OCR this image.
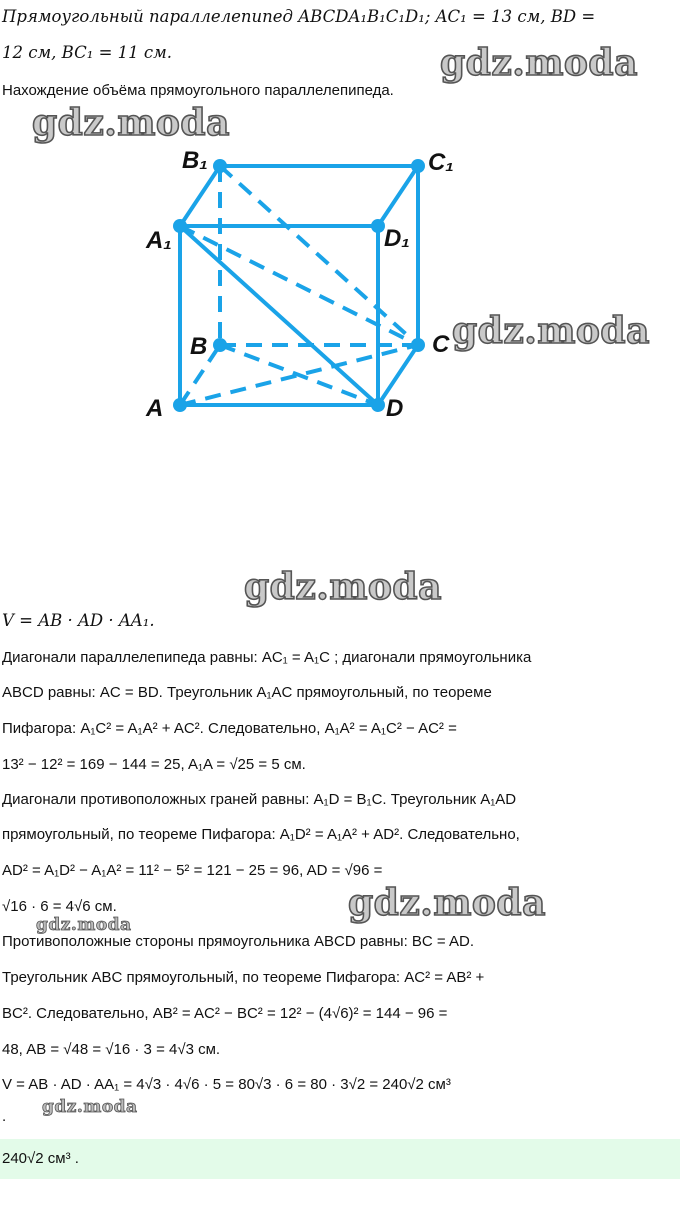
Прямоугольный параллелепипед ABCDA₁B₁C₁D₁; AC₁ = 13 см, BD =
12 см, BC₁ = 11 см.
Нахождение объёма прямоугольного параллелепипеда.
B₁	C₁
A₁	D₁
B	C
A	D
V = AB · AD · AA₁.
Диагонали параллелепипеда равны: AC₁ = A₁C ; диагонали прямоугольника
ABCD равны: AC = BD. Треугольник A₁AC прямоугольный, по теореме
Пифагора: A₁C² = A₁A² + AC². Следовательно, A₁A² = A₁C² − AC² =
13² − 12² = 169 − 144 = 25, A₁A = √25 = 5 см.
Диагонали противоположных граней равны: A₁D = B₁C. Треугольник A₁AD
прямоугольный, по теореме Пифагора: A₁D² = A₁A² + AD². Следовательно,
AD² = A₁D² − A₁A² = 11² − 5² = 121 − 25 = 96, AD = √96 =
√16 · 6 = 4√6 см.
Противоположные стороны прямоугольника ABCD равны: BC = AD.
Треугольник ABC прямоугольный, по теореме Пифагора: AC² = AB² +
BC². Следовательно, AB² = AC² − BC² = 12² − (4√6)² = 144 − 96 =
48, AB = √48 = √16 · 3 = 4√3 см.
V = AB · AD · AA₁ = 4√3 · 4√6 · 5 = 80√3 · 6 = 80 · 3√2 = 240√2 см³
.
240√2 см³ .
gdz.moda
gdz.moda
gdz.moda
gdz.moda
gdz.moda
gdz.moda
gdz.moda
